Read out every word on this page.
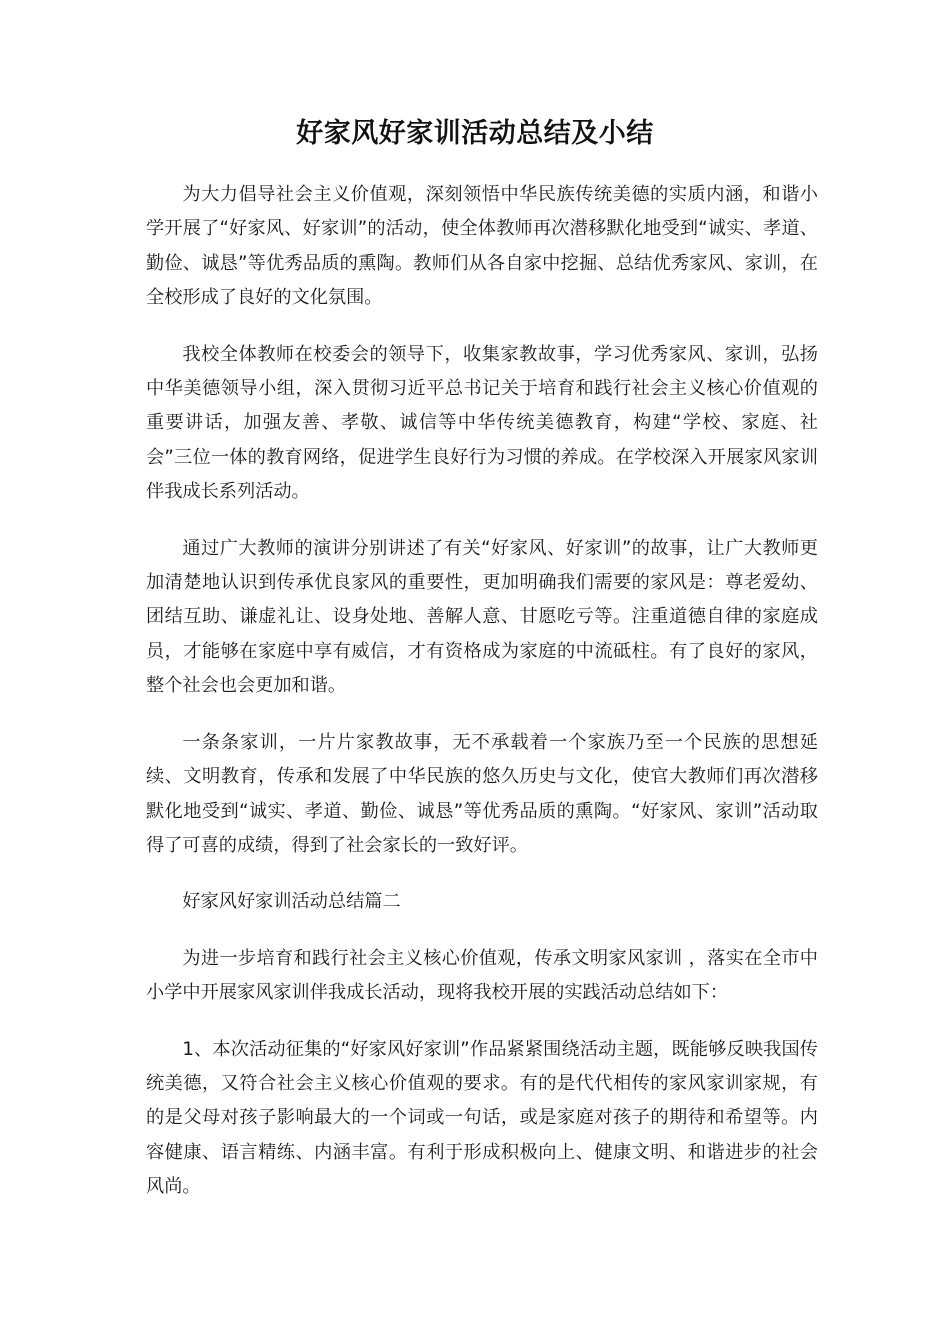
好家风好家训活动总结及小结

为大力倡导社会主义价值观，深刻领悟中华民族传统美德的实质内涵，和谐小学开展了“好家风、好家训”的活动，使全体教师再次潜移默化地受到“诚实、孝道、勤俭、诚恳”等优秀品质的熏陶。教师们从各自家中挖掘、总结优秀家风、家训，在全校形成了良好的文化氛围。

我校全体教师在校委会的领导下，收集家教故事，学习优秀家风、家训，弘扬中华美德领导小组，深入贯彻习近平总书记关于培育和践行社会主义核心价值观的重要讲话，加强友善、孝敬、诚信等中华传统美德教育，构建“学校、家庭、社会”三位一体的教育网络，促进学生良好行为习惯的养成。在学校深入开展家风家训伴我成长系列活动。

通过广大教师的演讲分别讲述了有关“好家风、好家训”的故事，让广大教师更加清楚地认识到传承优良家风的重要性，更加明确我们需要的家风是：尊老爱幼、团结互助、谦虚礼让、设身处地、善解人意、甘愿吃亏等。注重道德自律的家庭成员，才能够在家庭中享有威信，才有资格成为家庭的中流砥柱。有了良好的家风，整个社会也会更加和谐。

一条条家训，一片片家教故事，无不承载着一个家族乃至一个民族的思想延续、文明教育，传承和发展了中华民族的悠久历史与文化，使官大教师们再次潜移默化地受到“诚实、孝道、勤俭、诚恳”等优秀品质的熏陶。“好家风、家训”活动取得了可喜的成绩，得到了社会家长的一致好评。

好家风好家训活动总结篇二

为进一步培育和践行社会主义核心价值观，传承文明家风家训 ，落实在全市中小学中开展家风家训伴我成长活动，现将我校开展的实践活动总结如下：

1、本次活动征集的“好家风好家训”作品紧紧围绕活动主题，既能够反映我国传统美德，又符合社会主义核心价值观的要求。有的是代代相传的家风家训家规，有的是父母对孩子影响最大的一个词或一句话，或是家庭对孩子的期待和希望等。内容健康、语言精练、内涵丰富。有利于形成积极向上、健康文明、和谐进步的社会风尚。
